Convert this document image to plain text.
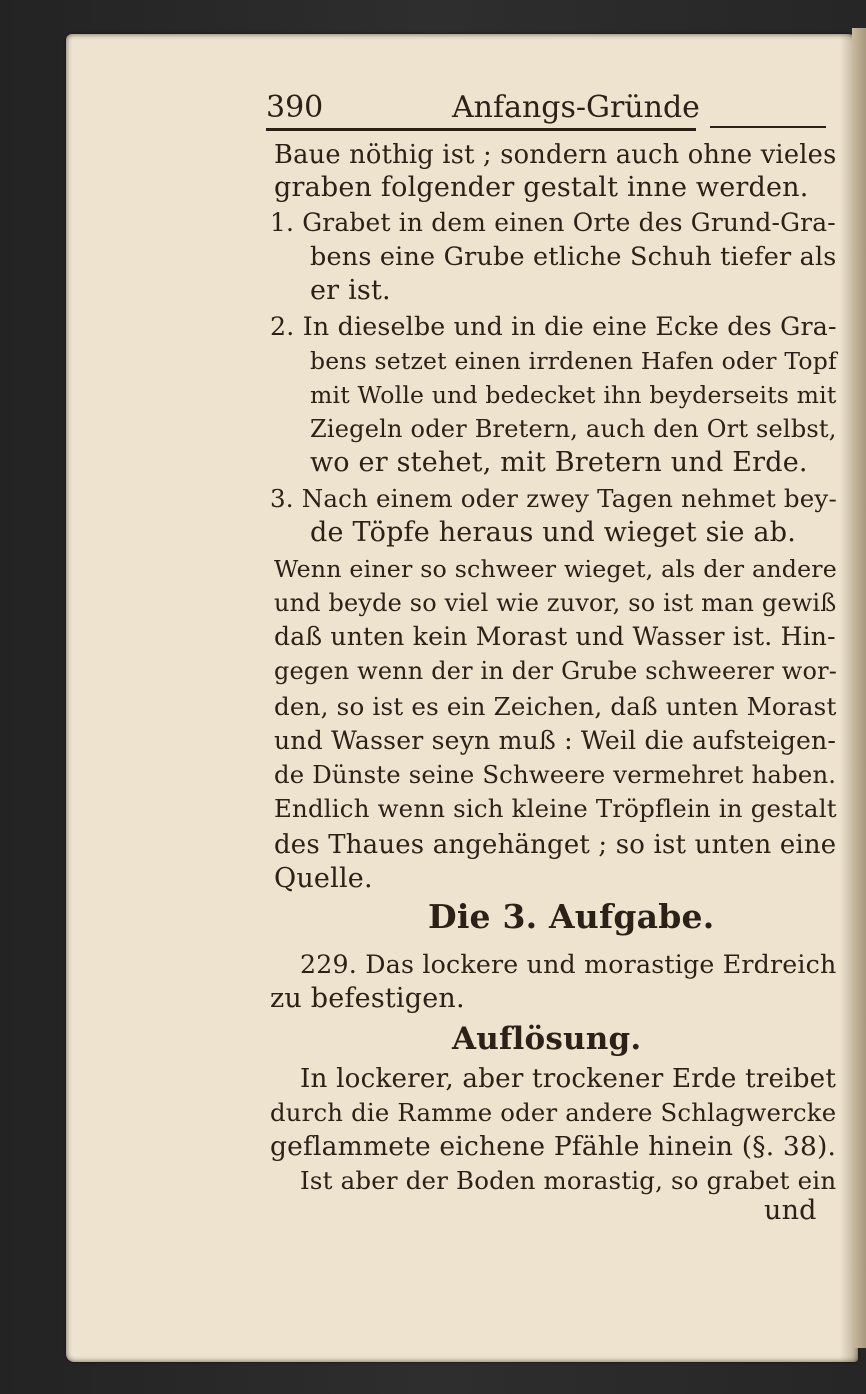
390	Anfangs-Gründe
Baue nöthig ist ; sondern auch ohne vieles
graben folgender gestalt inne werden.
1. Grabet in dem einen Orte des Grund-Gra-
bens eine Grube etliche Schuh tiefer als
er ist.
2. In dieselbe und in die eine Ecke des Gra-
bens setzet einen irrdenen Hafen oder Topf
mit Wolle und bedecket ihn beyderseits mit
Ziegeln oder Bretern, auch den Ort selbst,
wo er stehet, mit Bretern und Erde.
3. Nach einem oder zwey Tagen nehmet bey-
de Töpfe heraus und wieget sie ab.
Wenn einer so schweer wieget, als der andere
und beyde so viel wie zuvor, so ist man gewiß
daß unten kein Morast und Wasser ist. Hin-
gegen wenn der in der Grube schweerer wor-
den, so ist es ein Zeichen, daß unten Morast
und Wasser seyn muß : Weil die aufsteigen-
de Dünste seine Schweere vermehret haben.
Endlich wenn sich kleine Tröpflein in gestalt
des Thaues angehänget ; so ist unten eine
Quelle.
Die 3. Aufgabe.
229. Das lockere und morastige Erdreich
zu befestigen.
Auflösung.
In lockerer, aber trockener Erde treibet
durch die Ramme oder andere Schlagwercke
geflammete eichene Pfähle hinein (§. 38).
Ist aber der Boden morastig, so grabet ein
und
